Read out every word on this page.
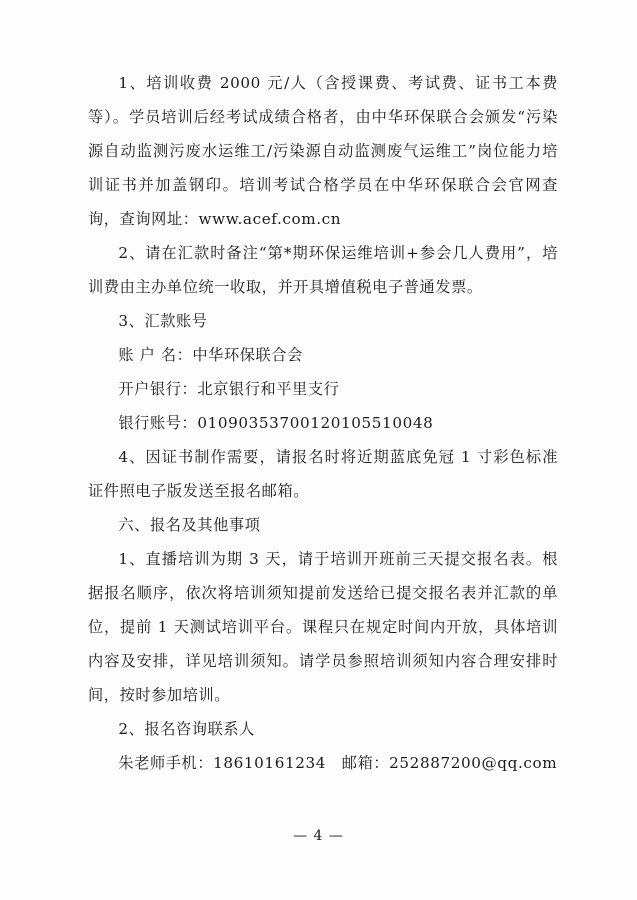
1、培训收费 2000 元/人（含授课费、考试费、证书工本费等）。学员培训后经考试成绩合格者，由中华环保联合会颁发“污染源自动监测污废水运维工/污染源自动监测废气运维工”岗位能力培训证书并加盖钢印。培训考试合格学员在中华环保联合会官网查询，查询网址：www.acef.com.cn

2、请在汇款时备注“第*期环保运维培训+参会几人费用”，培训费由主办单位统一收取，并开具增值税电子普通发票。

3、汇款账号

账 户 名：中华环保联合会

开户银行：北京银行和平里支行

银行账号：01090353700120105510048

4、因证书制作需要，请报名时将近期蓝底免冠 1 寸彩色标准证件照电子版发送至报名邮箱。

六、报名及其他事项

1、直播培训为期 3 天，请于培训开班前三天提交报名表。根据报名顺序，依次将培训须知提前发送给已提交报名表并汇款的单位，提前 1 天测试培训平台。课程只在规定时间内开放，具体培训内容及安排，详见培训须知。请学员参照培训须知内容合理安排时间，按时参加培训。

2、报名咨询联系人

朱老师手机：18610161234　邮箱：252887200@qq.com

— 4 —
